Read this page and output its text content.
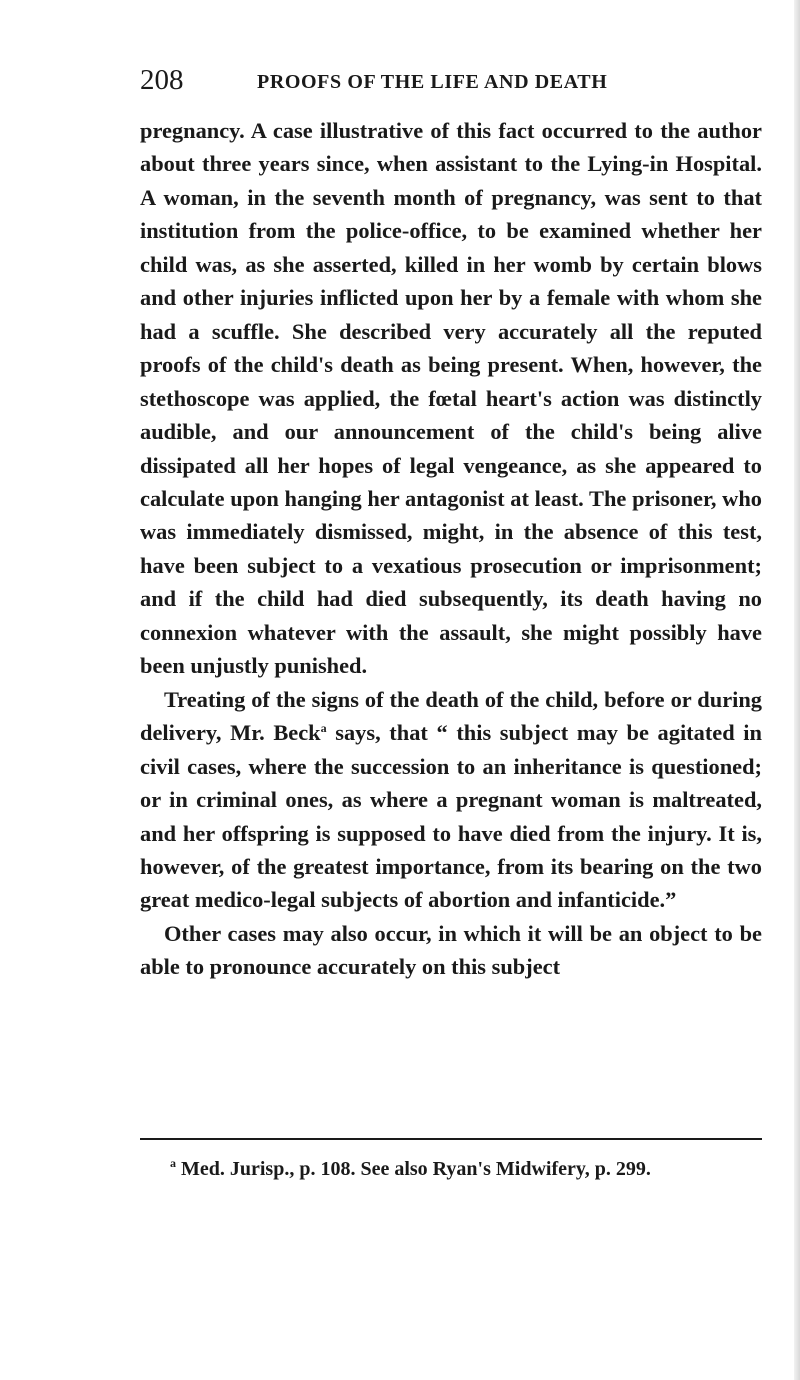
208	PROOFS OF THE LIFE AND DEATH

pregnancy. A case illustrative of this fact occurred to the author about three years since, when assistant to the Lying-in Hospital. A woman, in the seventh month of pregnancy, was sent to that institution from the police-office, to be examined whether her child was, as she asserted, killed in her womb by certain blows and other injuries inflicted upon her by a female with whom she had a scuffle. She described very accurately all the reputed proofs of the child's death as being present. When, however, the stethoscope was applied, the fœtal heart's action was distinctly audible, and our announcement of the child's being alive dissipated all her hopes of legal vengeance, as she appeared to calculate upon hanging her antagonist at least. The prisoner, who was immediately dismissed, might, in the absence of this test, have been subject to a vexatious prosecution or imprisonment; and if the child had died subsequently, its death having no connexion whatever with the assault, she might possibly have been unjustly punished.

Treating of the signs of the death of the child, before or during delivery, Mr. Beck$^a$ says, that “ this subject may be agitated in civil cases, where the succession to an inheritance is questioned; or in criminal ones, as where a pregnant woman is maltreated, and her offspring is supposed to have died from the injury. It is, however, of the greatest importance, from its bearing on the two great medico-legal subjects of abortion and infanticide.”

Other cases may also occur, in which it will be an object to be able to pronounce accurately on this subject

$^a$ Med. Jurisp., p. 108. See also Ryan's Midwifery, p. 299.
